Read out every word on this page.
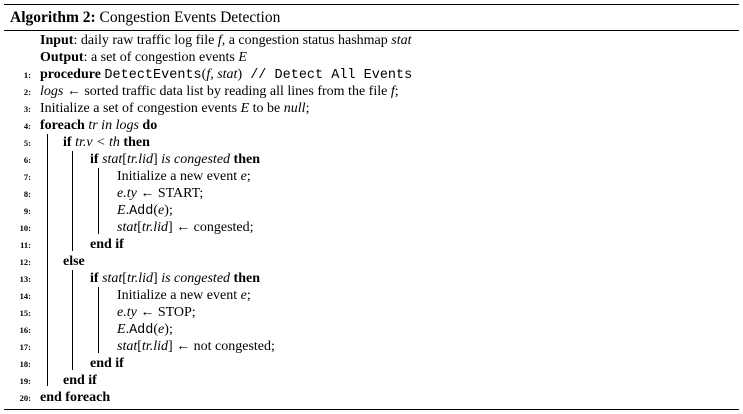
Algorithm 2: Congestion Events Detection
Input: daily raw traffic log file f, a congestion status hashmap stat
Output: a set of congestion events E
1: procedure DetectEvents(f, stat) // Detect All Events
2: logs ← sorted traffic data list by reading all lines from the file f;
3: Initialize a set of congestion events E to be null;
4: foreach tr in logs do
5: if tr.v < th then
6:	if stat[tr.lid] is congested then
7:	Initialize a new event e;
8:	e.ty ← START;
9:	E.Add(e);
10:	stat[tr.lid] ← congested;
11:	end if
12: else
13:	if stat[tr.lid] is congested then
14:	Initialize a new event e;
15:	e.ty ← STOP;
16:	E.Add(e);
17:	stat[tr.lid] ← not congested;
18:	end if
19: end if
20: end foreach
